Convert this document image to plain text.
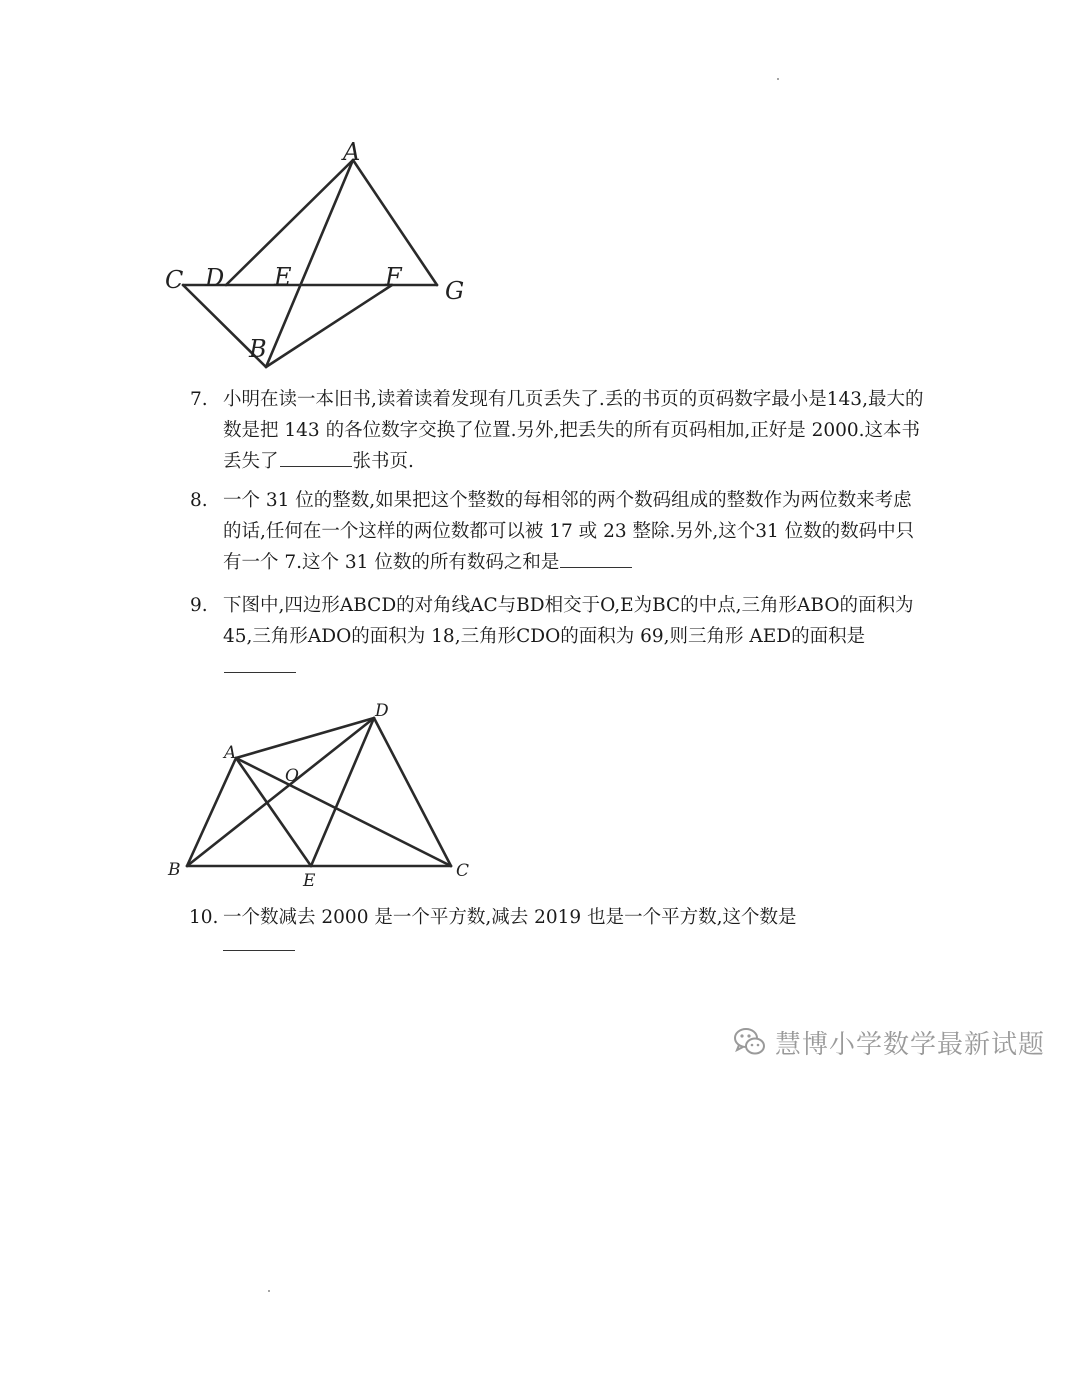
A
C D E	F G
B
7. 小明在读一本旧书,读着读着发现有几页丢失了.丢的书页的页码数字最小是143,最大的数是把 143 的各位数字交换了位置.另外,把丢失的所有页码相加,正好是 2000.这本书丢失了	张书页.
8. 一个 31 位的整数,如果把这个整数的每相邻的两个数码组成的整数作为两位数来考虑的话,任何在一个这样的两位数都可以被 17 或 23 整除.另外,这个31 位数的数码中只有一个 7.这个 31 位数的所有数码之和是
9. 下图中,四边形ABCD的对角线AC与BD相交于O,E为BC的中点,三角形ABO的面积为 45,三角形ADO的面积为 18,三角形CDO的面积为 69,则三角形 AED的面积是
A
D
O
B
E	C
10. 一个数减去 2000 是一个平方数,减去 2019 也是一个平方数,这个数是
慧博小学数学最新试题
